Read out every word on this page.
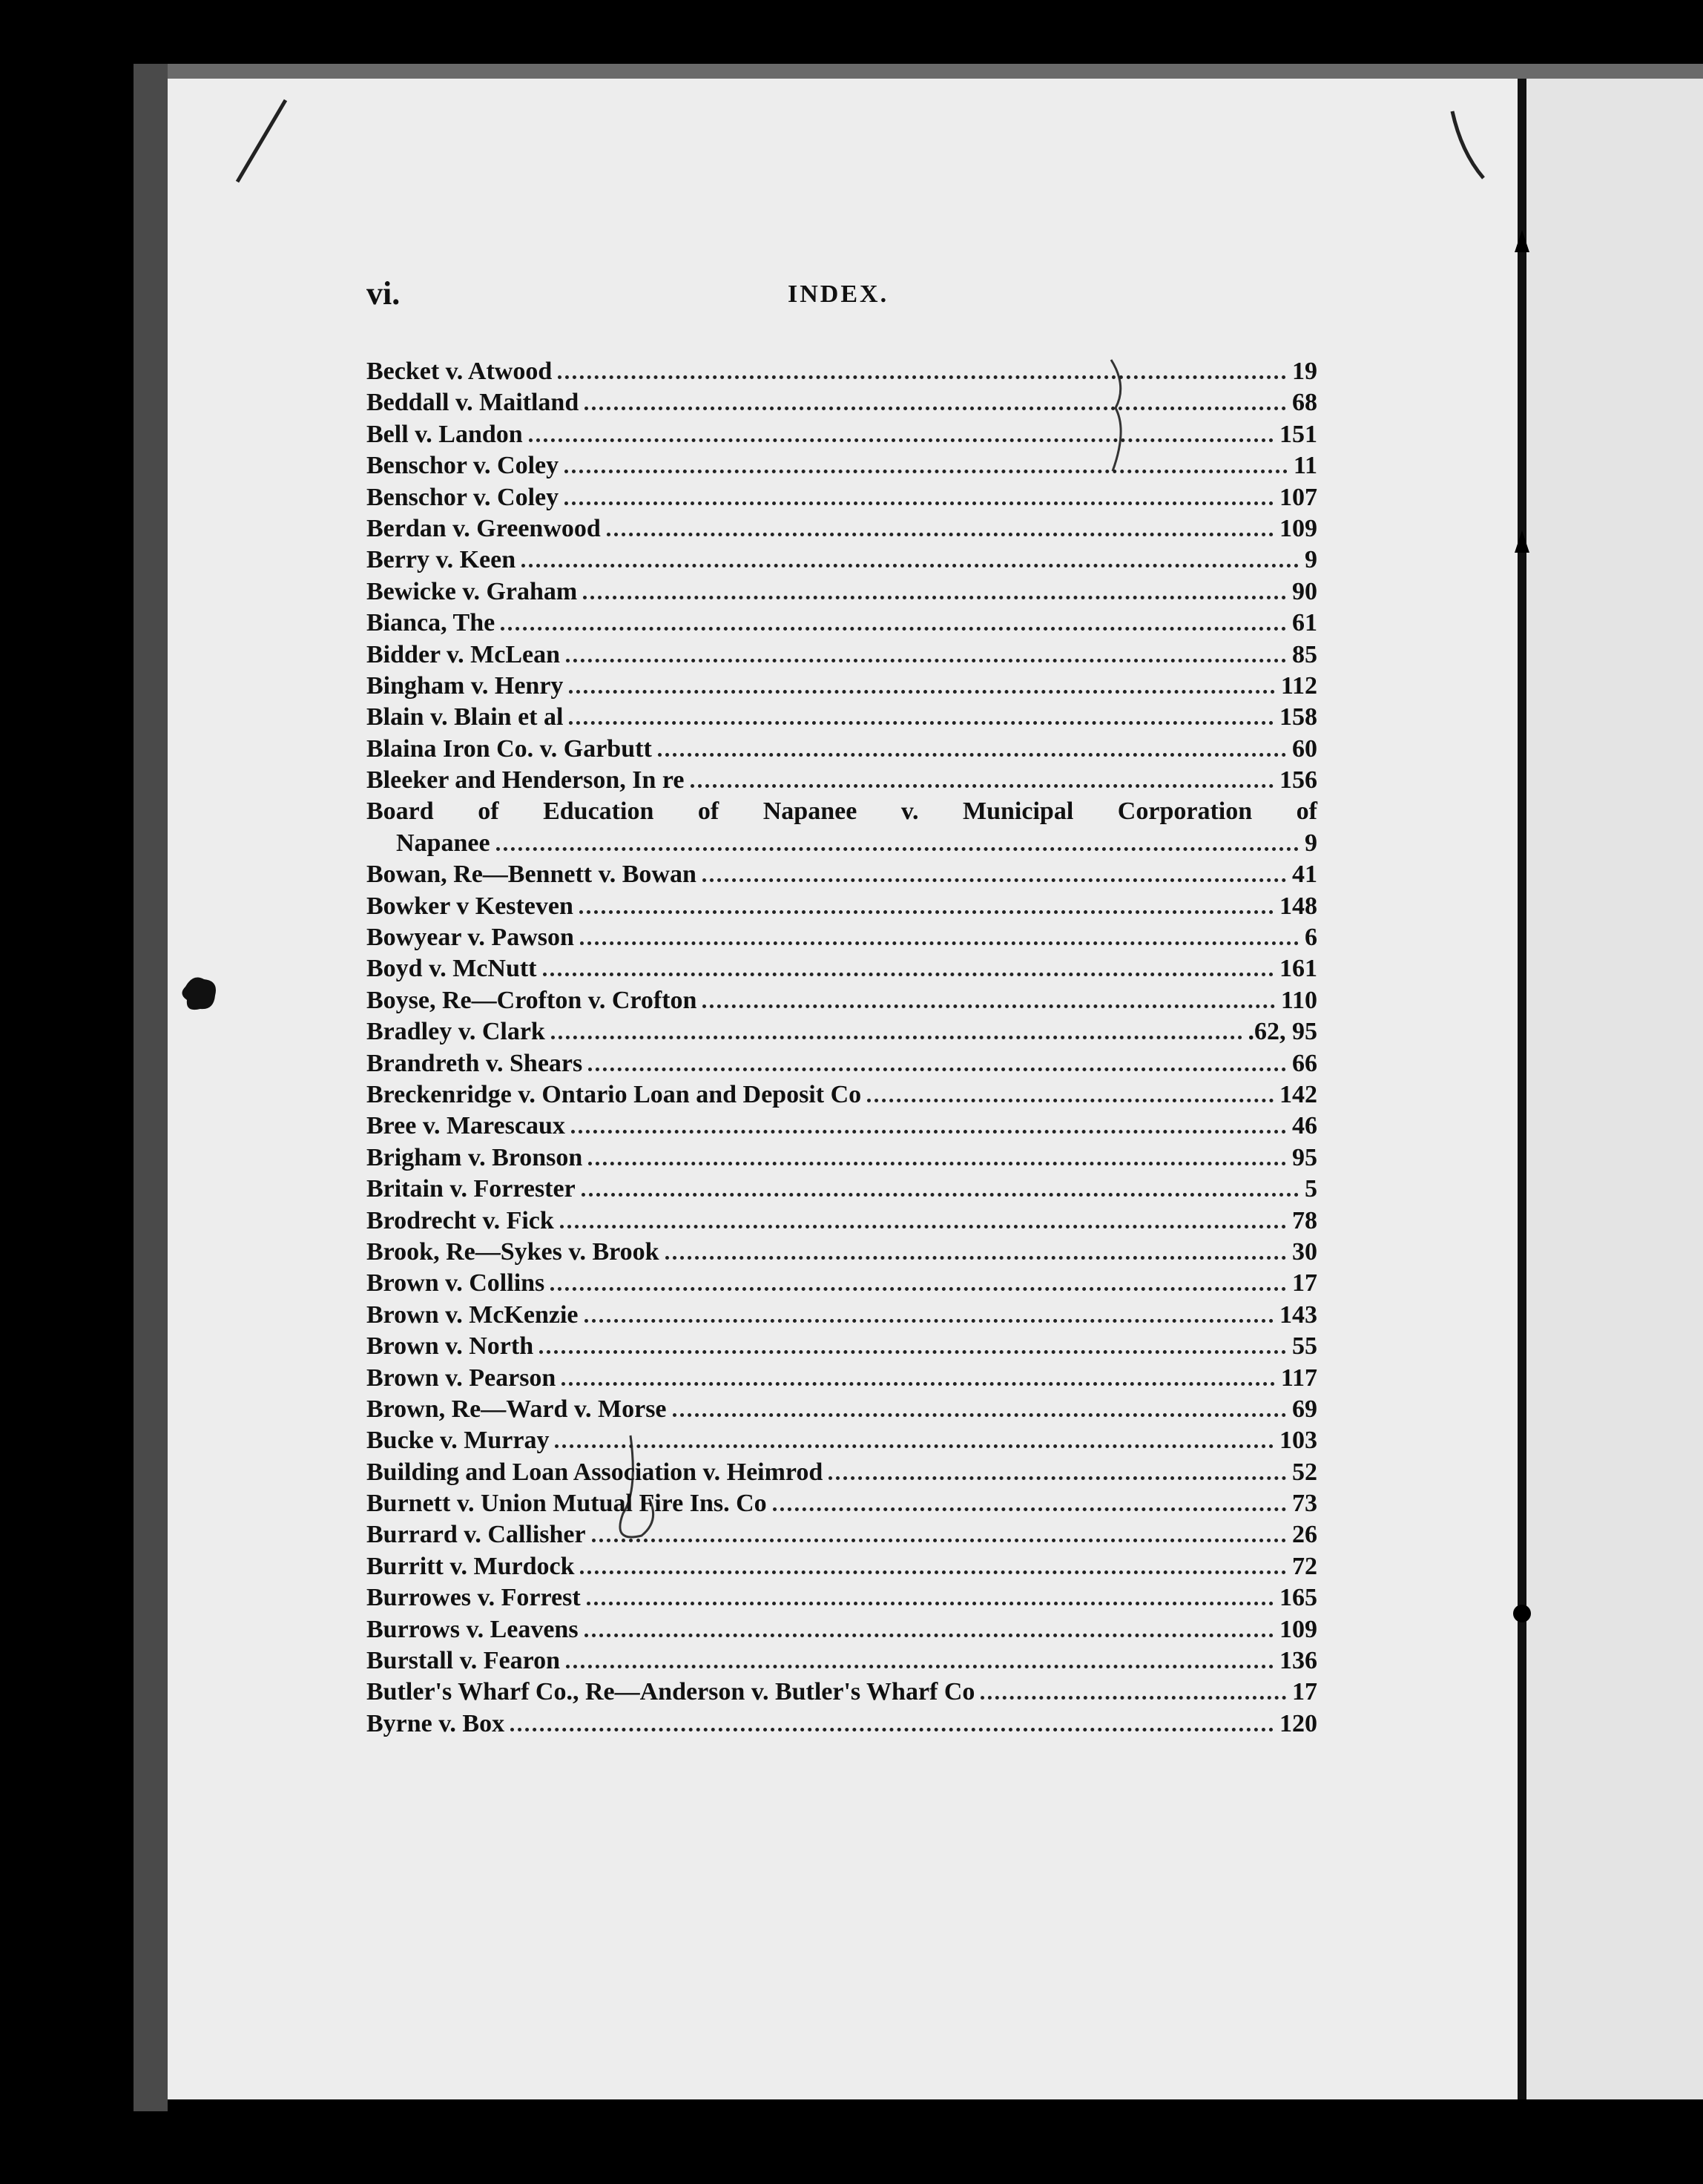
vi.	INDEX.
Becket v. Atwood	19
Beddall v. Maitland	68
Bell v. Landon	151
Benschor v. Coley	11
Benschor v. Coley	107
Berdan v. Greenwood	109
Berry v. Keen	9
Bewicke v. Graham	90
Bianca, The	61
Bidder v. McLean	85
Bingham v. Henry	112
Blain v. Blain et al	158
Blaina Iron Co. v. Garbutt	60
Bleeker and Henderson, In re	156
Board of Education of Napanee v. Municipal Corporation of
Napanee	9
Bowan, Re—Bennett v. Bowan	41
Bowker v Kesteven	148
Bowyear v. Pawson	6
Boyd v. McNutt	161
Boyse, Re—Crofton v. Crofton	110
Bradley v. Clark	.62, 95
Brandreth v. Shears	66
Breckenridge v. Ontario Loan and Deposit Co	142
Bree v. Marescaux	46
Brigham v. Bronson	95
Britain v. Forrester	5
Brodrecht v. Fick	78
Brook, Re—Sykes v. Brook	30
Brown v. Collins	17
Brown v. McKenzie	143
Brown v. North	55
Brown v. Pearson	117
Brown, Re—Ward v. Morse	69
Bucke v. Murray	103
Building and Loan Association v. Heimrod	52
Burnett v. Union Mutual Fire Ins. Co	73
Burrard v. Callisher	26
Burritt v. Murdock	72
Burrowes v. Forrest	165
Burrows v. Leavens	109
Burstall v. Fearon	136
Butler's Wharf Co., Re—Anderson v. Butler's Wharf Co	17
Byrne v. Box	120
